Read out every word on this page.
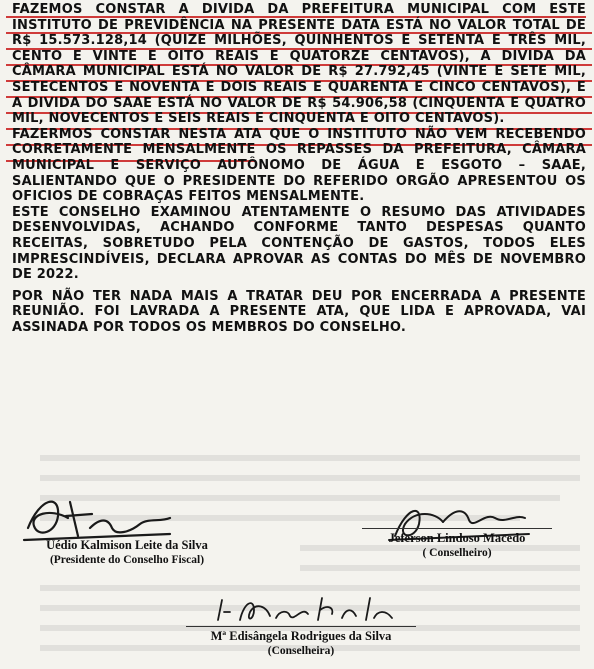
FAZEMOS CONSTAR A DIVIDA DA PREFEITURA MUNICIPAL COM ESTE INSTITUTO DE PREVIDÊNCIA NA PRESENTE DATA ESTÁ NO VALOR TOTAL DE R$ 15.573.128,14 (QUIZE MILHÕES, QUINHENTOS E SETENTA E TRÊS MIL, CENTO E VINTE E OITO REAIS E QUATORZE CENTAVOS), A DIVIDA DA CÂMARA MUNICIPAL ESTÁ NO VALOR DE R$ 27.792,45 (VINTE E SETE MIL, SETECENTOS E NOVENTA E DOIS REAIS E QUARENTA E CINCO CENTAVOS), E A DIVIDA DO SAAE ESTÁ NO VALOR DE R$ 54.906,58 (CINQUENTA E QUATRO MIL, NOVECENTOS E SEIS REAIS E CINQUENTA E OITO CENTAVOS).

FAZERMOS CONSTAR NESTA ATA QUE O INSTITUTO NÃO VEM RECEBENDO CORRETAMENTE MENSALMENTE OS REPASSES DA PREFEITURA, CÂMARA MUNICIPAL E SERVIÇO AUTÔNOMO DE ÁGUA E ESGOTO – SAAE, SALIENTANDO QUE O PRESIDENTE DO REFERIDO ORGÃO APRESENTOU OS OFICIOS DE COBRAÇAS FEITOS MENSALMENTE.

ESTE CONSELHO EXAMINOU ATENTAMENTE O RESUMO DAS ATIVIDADES DESENVOLVIDAS, ACHANDO CONFORME TANTO DESPESAS QUANTO RECEITAS, SOBRETUDO PELA CONTENÇÃO DE GASTOS, TODOS ELES IMPRESCINDÍVEIS, DECLARA APROVAR AS CONTAS DO MÊS DE NOVEMBRO DE 2022.

POR NÃO TER NADA MAIS A TRATAR DEU POR ENCERRADA A PRESENTE REUNIÃO. FOI LAVRADA A PRESENTE ATA, QUE LIDA E APROVADA, VAI ASSINADA POR TODOS OS MEMBROS DO CONSELHO.

Uédio Kalmison Leite da Silva
(Presidente do Conselho Fiscal)
Jeferson Lindoso Macedo
( Conselheiro)
Mª Edisângela Rodrigues da Silva
(Conselheira)
